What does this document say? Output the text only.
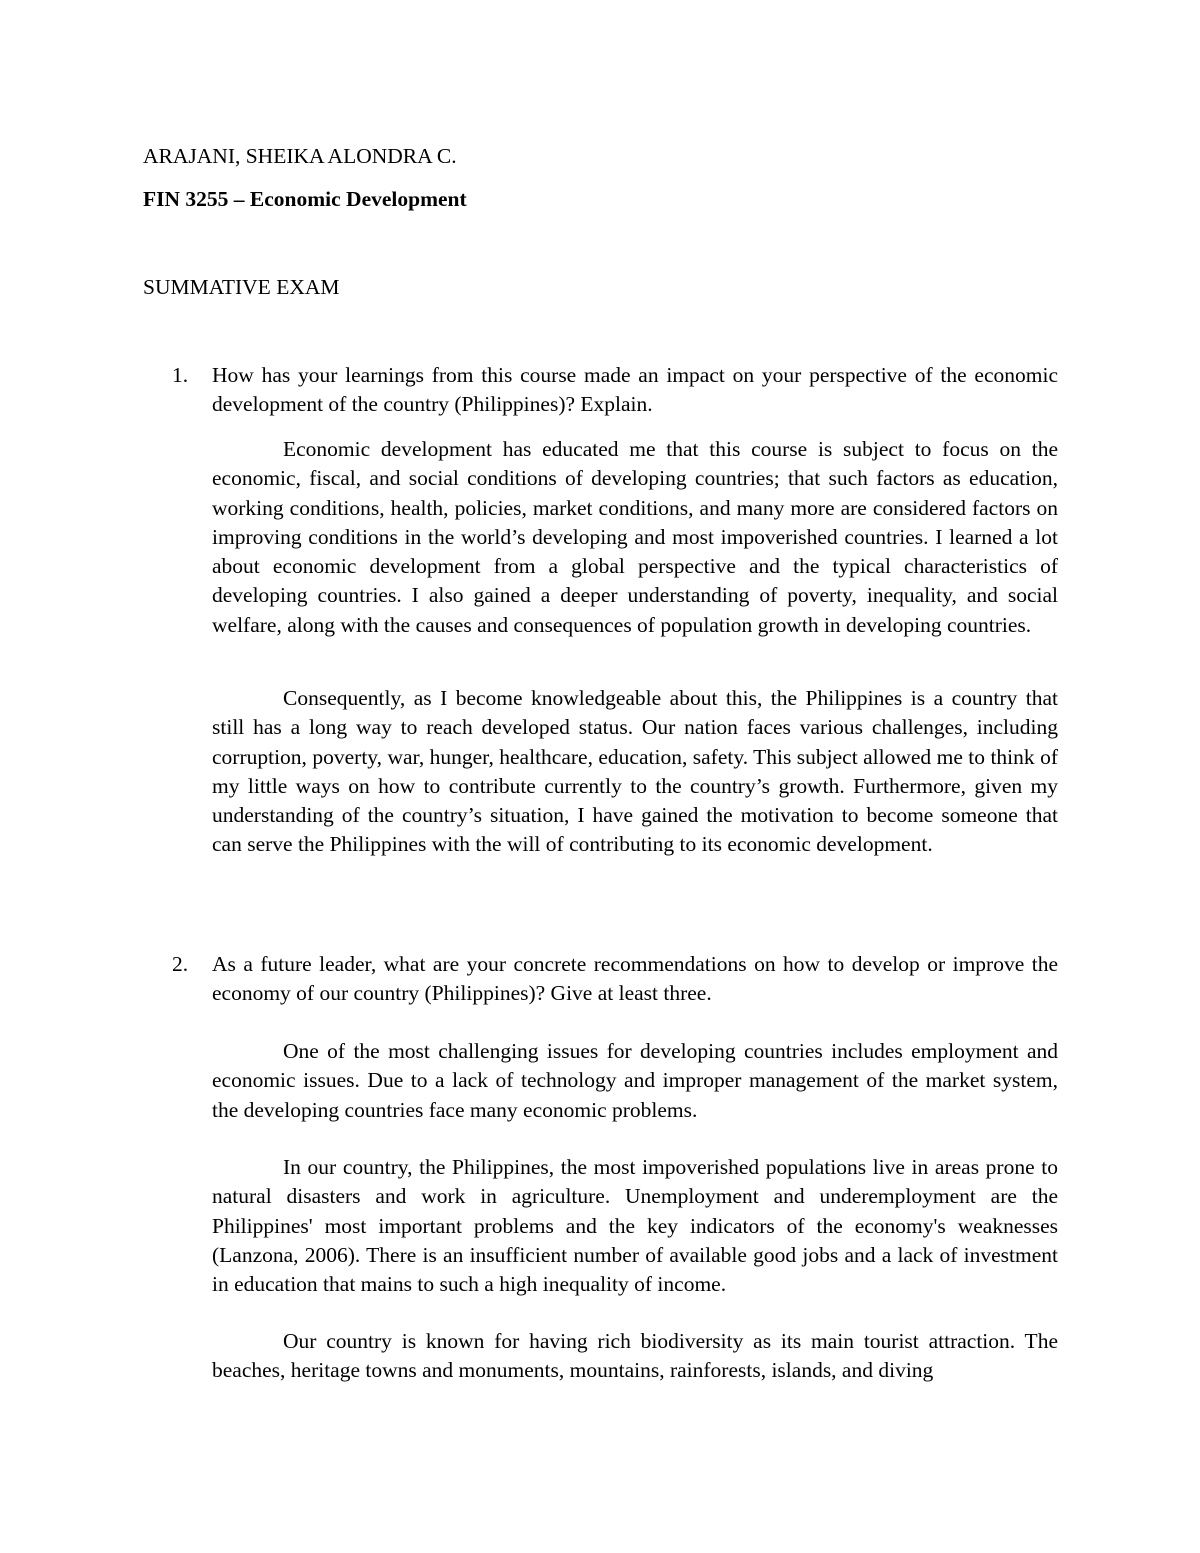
ARAJANI, SHEIKA ALONDRA C.
FIN 3255 – Economic Development
SUMMATIVE EXAM
1. How has your learnings from this course made an impact on your perspective of the economic development of the country (Philippines)? Explain.

Economic development has educated me that this course is subject to focus on the economic, fiscal, and social conditions of developing countries; that such factors as education, working conditions, health, policies, market conditions, and many more are considered factors on improving conditions in the world’s developing and most impoverished countries. I learned a lot about economic development from a global perspective and the typical characteristics of developing countries. I also gained a deeper understanding of poverty, inequality, and social welfare, along with the causes and consequences of population growth in developing countries.

Consequently, as I become knowledgeable about this, the Philippines is a country that still has a long way to reach developed status. Our nation faces various challenges, including corruption, poverty, war, hunger, healthcare, education, safety. This subject allowed me to think of my little ways on how to contribute currently to the country’s growth. Furthermore, given my understanding of the country’s situation, I have gained the motivation to become someone that can serve the Philippines with the will of contributing to its economic development.

2. As a future leader, what are your concrete recommendations on how to develop or improve the economy of our country (Philippines)? Give at least three.

One of the most challenging issues for developing countries includes employment and economic issues. Due to a lack of technology and improper management of the market system, the developing countries face many economic problems.

In our country, the Philippines, the most impoverished populations live in areas prone to natural disasters and work in agriculture. Unemployment and underemployment are the Philippines' most important problems and the key indicators of the economy's weaknesses (Lanzona, 2006). There is an insufficient number of available good jobs and a lack of investment in education that mains to such a high inequality of income.

Our country is known for having rich biodiversity as its main tourist attraction. The beaches, heritage towns and monuments, mountains, rainforests, islands, and diving
